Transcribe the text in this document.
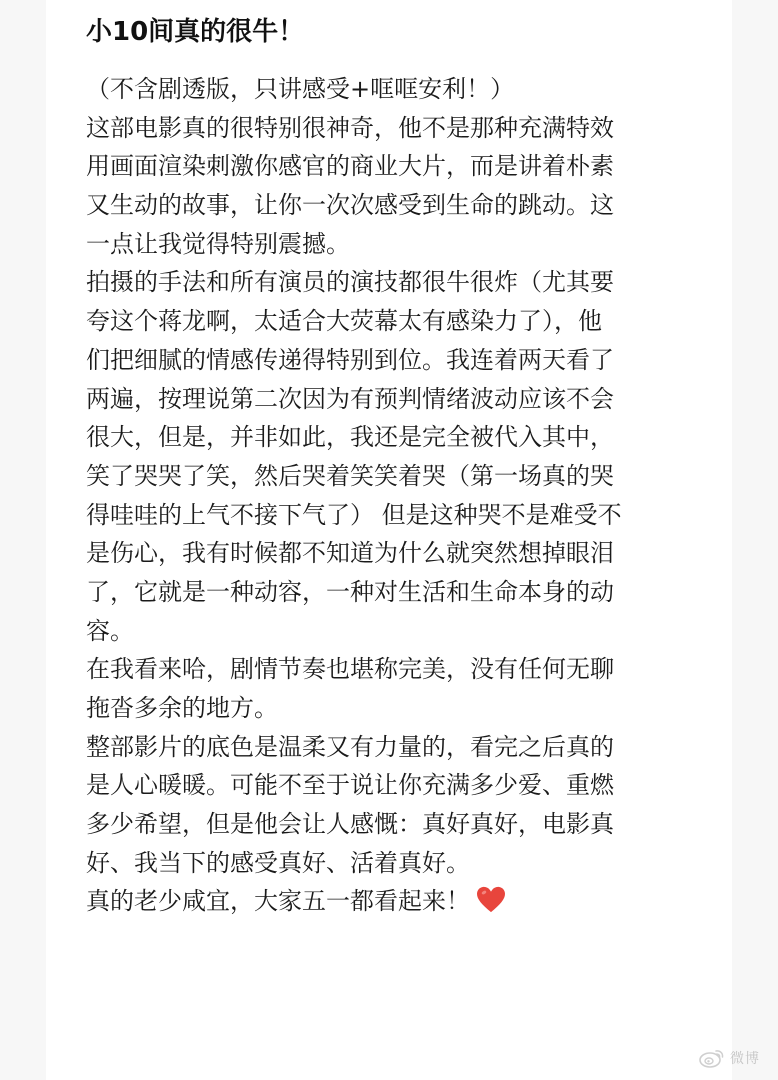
小10间真的很牛！
（不含剧透版，只讲感受+哐哐安利！）
这部电影真的很特别很神奇，他不是那种充满特效
用画面渲染刺激你感官的商业大片，而是讲着朴素
又生动的故事，让你一次次感受到生命的跳动。这
一点让我觉得特别震撼。
拍摄的手法和所有演员的演技都很牛很炸（尤其要
夸这个蒋龙啊，太适合大荧幕太有感染力了），他
们把细腻的情感传递得特别到位。我连着两天看了
两遍，按理说第二次因为有预判情绪波动应该不会
很大，但是，并非如此，我还是完全被代入其中，
笑了哭哭了笑，然后哭着笑笑着哭（第一场真的哭
得哇哇的上气不接下气了） 但是这种哭不是难受不
是伤心，我有时候都不知道为什么就突然想掉眼泪
了，它就是一种动容，一种对生活和生命本身的动
容。
在我看来哈，剧情节奏也堪称完美，没有任何无聊
拖沓多余的地方。
整部影片的底色是温柔又有力量的，看完之后真的
是人心暖暖。可能不至于说让你充满多少爱、重燃
多少希望，但是他会让人感慨：真好真好，电影真
好、我当下的感受真好、活着真好。
真的老少咸宜，大家五一都看起来！
微博
